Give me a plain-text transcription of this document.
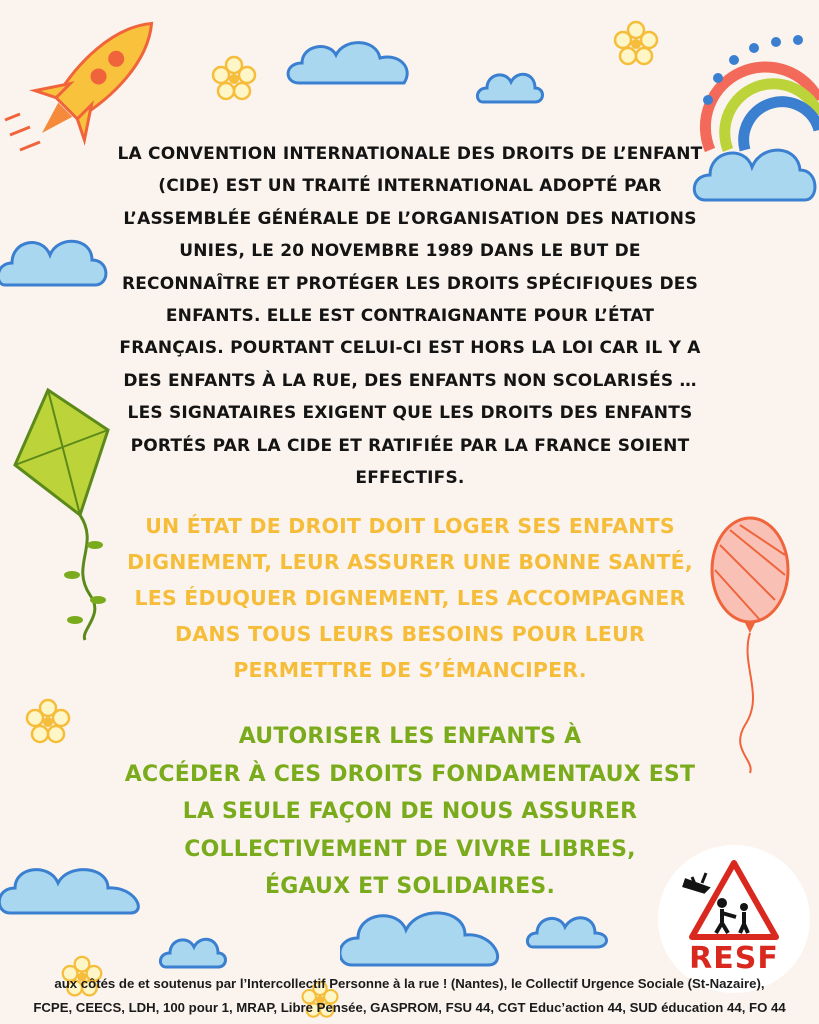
RESF
LA CONVENTION INTERNATIONALE DES DROITS DE L’ENFANT
(CIDE) EST UN TRAITÉ INTERNATIONAL ADOPTÉ PAR
L’ASSEMBLÉE GÉNÉRALE DE L’ORGANISATION DES NATIONS
UNIES, LE 20 NOVEMBRE 1989 DANS LE BUT DE
RECONNAÎTRE ET PROTÉGER LES DROITS SPÉCIFIQUES DES
ENFANTS. ELLE EST CONTRAIGNANTE POUR L’ÉTAT
FRANÇAIS. POURTANT CELUI-CI EST HORS LA LOI CAR IL Y A
DES ENFANTS À LA RUE, DES ENFANTS NON SCOLARISÉS …
LES SIGNATAIRES EXIGENT QUE LES DROITS DES ENFANTS
PORTÉS PAR LA CIDE ET RATIFIÉE PAR LA FRANCE SOIENT
EFFECTIFS.
UN ÉTAT DE DROIT DOIT LOGER SES ENFANTS
DIGNEMENT, LEUR ASSURER UNE BONNE SANTÉ,
LES ÉDUQUER DIGNEMENT, LES ACCOMPAGNER
DANS TOUS LEURS BESOINS POUR LEUR
PERMETTRE DE S’ÉMANCIPER.
AUTORISER LES ENFANTS À
ACCÉDER À CES DROITS FONDAMENTAUX EST
LA SEULE FAÇON DE NOUS ASSURER
COLLECTIVEMENT DE VIVRE LIBRES,
ÉGAUX ET SOLIDAIRES.
aux côtés de et soutenus par l’Intercollectif Personne à la rue ! (Nantes), le Collectif Urgence Sociale (St-Nazaire),
FCPE, CEECS, LDH, 100 pour 1, MRAP, Libre Pensée, GASPROM, FSU 44, CGT Educ’action 44, SUD éducation 44, FO 44
